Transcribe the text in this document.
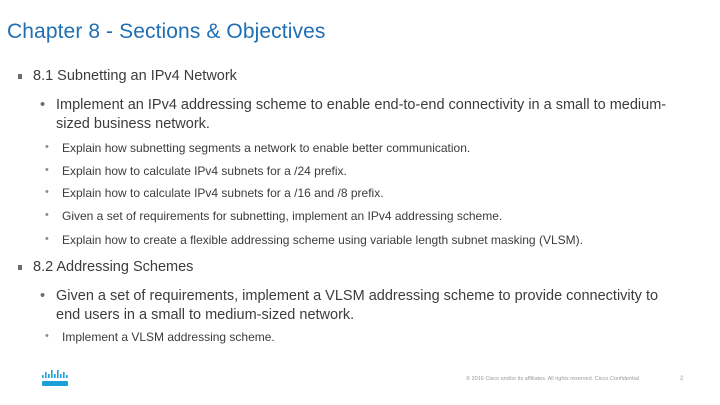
Chapter 8 - Sections & Objectives
8.1 Subnetting an IPv4 Network
• Implement an IPv4 addressing scheme to enable end-to-end connectivity in a small to medium-sized business network.
• Explain how subnetting segments a network to enable better communication.
• Explain how to calculate IPv4 subnets for a /24 prefix.
• Explain how to calculate IPv4 subnets for a /16 and /8 prefix.
• Given a set of requirements for subnetting, implement an IPv4 addressing scheme.
• Explain how to create a flexible addressing scheme using variable length subnet masking (VLSM).
8.2 Addressing Schemes
• Given a set of requirements, implement a VLSM addressing scheme to provide connectivity to end users in a small to medium-sized network.
• Implement a VLSM addressing scheme.
© 2016 Cisco and/or its affiliates. All rights reserved. Cisco Confidential	2
